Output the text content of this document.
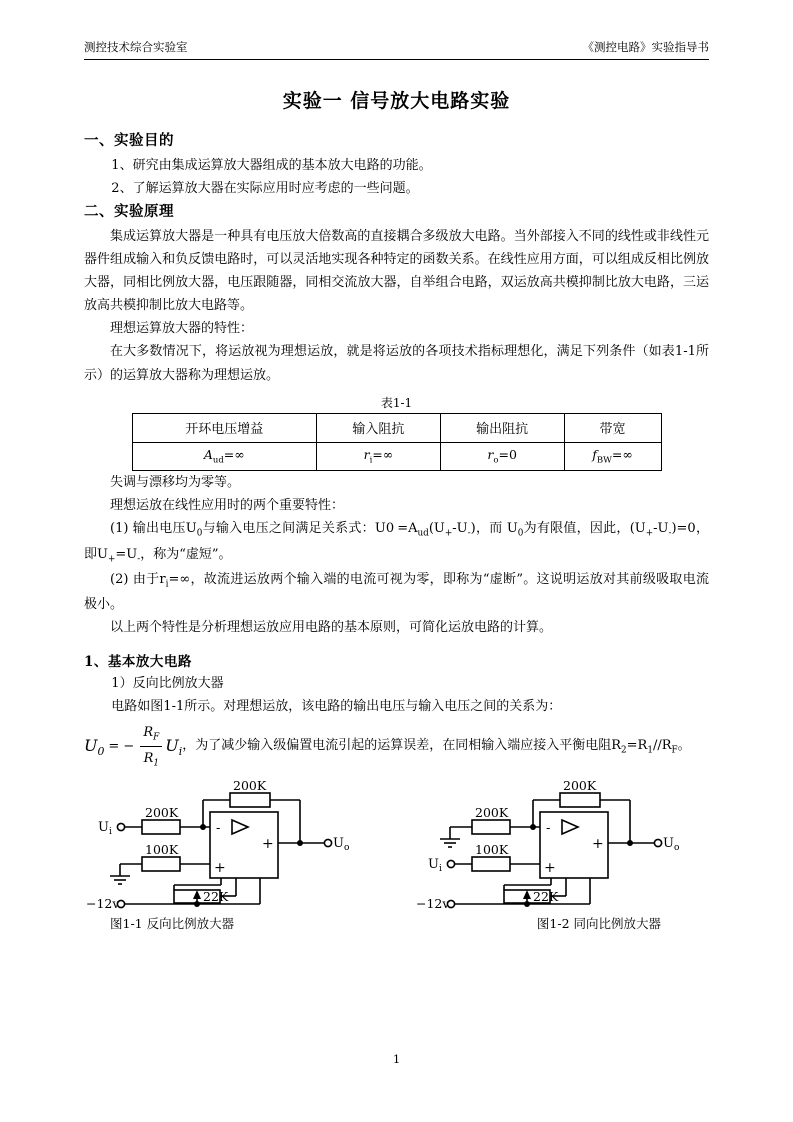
测控技术综合实验室	《测控电路》实验指导书
实验一 信号放大电路实验
一、实验目的

1、研究由集成运算放大器组成的基本放大电路的功能。

2、了解运算放大器在实际应用时应考虑的一些问题。

二、实验原理

集成运算放大器是一种具有电压放大倍数高的直接耦合多级放大电路。当外部接入不同的线性或非线性元器件组成输入和负反馈电路时，可以灵活地实现各种特定的函数关系。在线性应用方面，可以组成反相比例放大器，同相比例放大器，电压跟随器，同相交流放大器，自举组合电路，双运放高共模抑制比放大电路，三运放高共模抑制比放大电路等。

理想运算放大器的特性：

在大多数情况下，将运放视为理想运放，就是将运放的各项技术指标理想化，满足下列条件（如表1-1所示）的运算放大器称为理想运放。

表1-1
开环电压增益	输入阻抗	输出阻抗	带宽
$A_{ud}=\infty$	$r_i=\infty$	$r_o=0$	$f_{BW}=\infty$

失调与漂移均为零等。

理想运放在线性应用时的两个重要特性：

(1) 输出电压$U_0$与输入电压之间满足关系式：$U0 =A_{ud}(U_+-U_-)$，而 $U_0$为有限值，因此，$(U_+-U_-)=0$，即$U_+=U_-$，称为“虚短”。

(2) 由于$r_i=\infty$，故流进运放两个输入端的电流可视为零，即称为“虚断”。这说明运放对其前级吸取电流极小。

以上两个特性是分析理想运放应用电路的基本原则，可简化运放电路的计算。

1、基本放大电路

1）反向比例放大器

电路如图1-1所示。对理想运放，该电路的输出电压与输入电压之间的关系为：

$U_0$ = − $\frac{R_F}{R_1} U_i$ ，为了减少输入级偏置电流引起的运算误差，在同相输入端应接入平衡电阻$R_2=R_1//R_F$。
$U_i$
200K
200K
100K
22K
−12v
$U_o$
-
+
+
$U_i$
200K
200K
100K
22K
−12v
$U_o$
-
+
+
图1-1 反向比例放大器	图1-2 同向比例放大器
1
